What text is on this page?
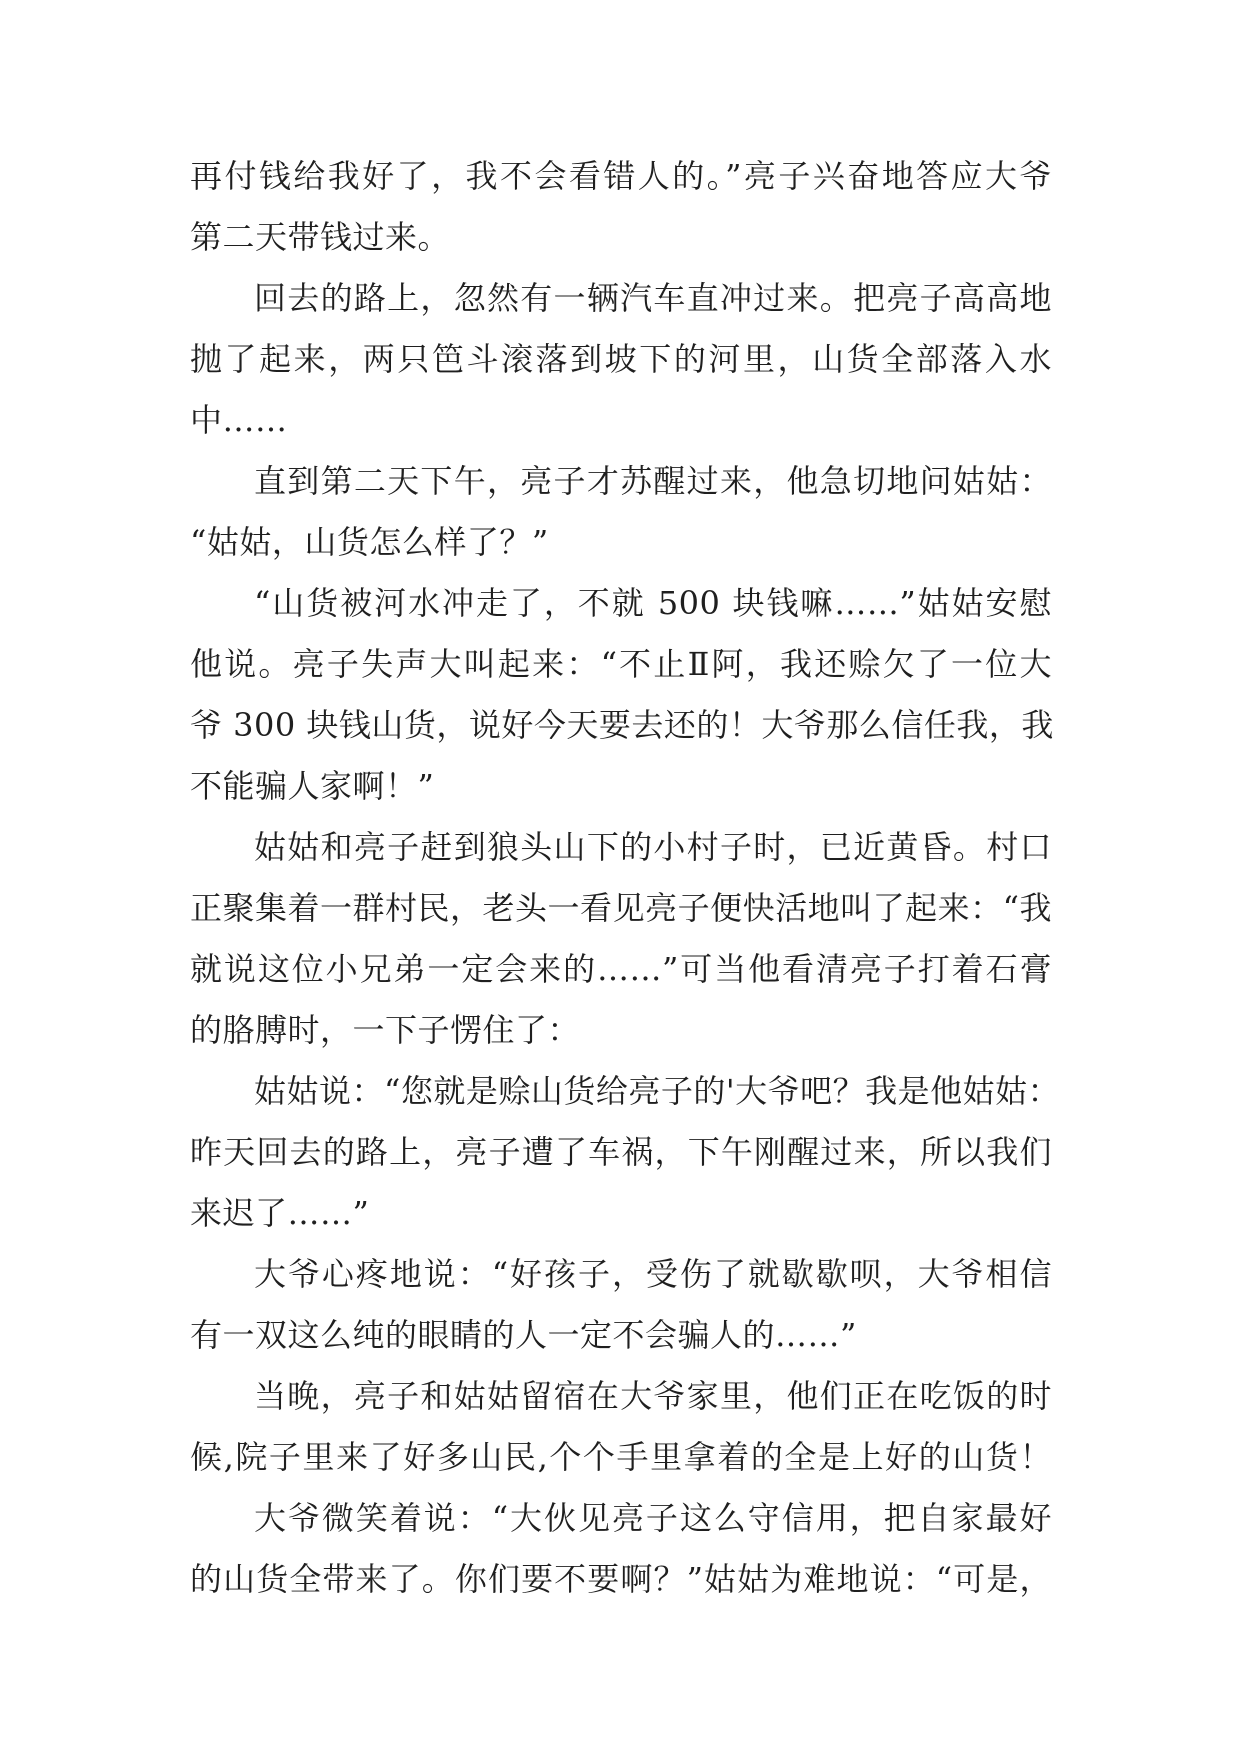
再付钱给我好了，我不会看错人的。”亮子兴奋地答应大爷
第二天带钱过来。
回去的路上，忽然有一辆汽车直冲过来。把亮子高高地
抛了起来，两只笆斗滚落到坡下的河里，山货全部落入水
中……
直到第二天下午，亮子才苏醒过来，他急切地问姑姑：
“姑姑，山货怎么样了？”
“山货被河水冲走了，不就 500 块钱嘛……”姑姑安慰
他说。亮子失声大叫起来：“不止Ⅱ阿，我还赊欠了一位大
爷 300 块钱山货，说好今天要去还的！大爷那么信任我，我
不能骗人家啊！”
姑姑和亮子赶到狼头山下的小村子时，已近黄昏。村口
正聚集着一群村民，老头一看见亮子便快活地叫了起来：“我
就说这位小兄弟一定会来的……”可当他看清亮子打着石膏
的胳膊时，一下子愣住了：
姑姑说：“您就是赊山货给亮子的'大爷吧？我是他姑姑：
昨天回去的路上，亮子遭了车祸，下午刚醒过来，所以我们
来迟了……”
大爷心疼地说：“好孩子，受伤了就歇歇呗，大爷相信
有一双这么纯的眼睛的人一定不会骗人的……”
当晚，亮子和姑姑留宿在大爷家里，他们正在吃饭的时
候,院子里来了好多山民,个个手里拿着的全是上好的山货！
大爷微笑着说：“大伙见亮子这么守信用，把自家最好
的山货全带来了。你们要不要啊？”姑姑为难地说：“可是，
